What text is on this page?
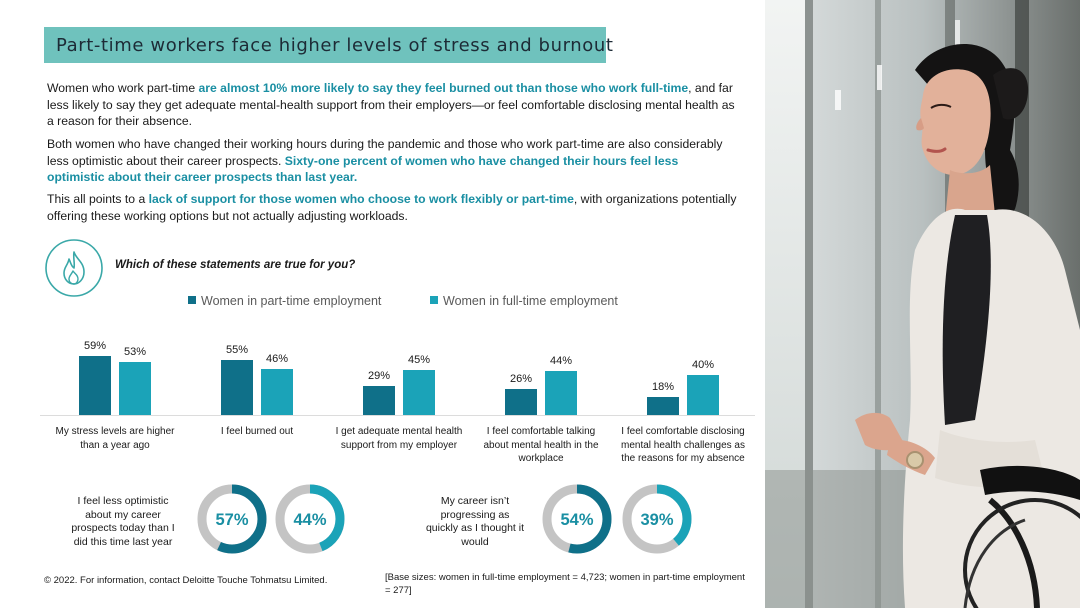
Part-time workers face higher levels of stress and burnout

Women who work part-time are almost 10% more likely to say they feel burned out than those who work full-time, and far less likely to say they get adequate mental-health support from their employers—or feel comfortable disclosing mental health as a reason for their absence.

Both women who have changed their working hours during the pandemic and those who work part-time are also considerably less optimistic about their career prospects. Sixty-one percent of women who have changed their hours feel less optimistic about their career prospects than last year.

This all points to a lack of support for those women who choose to work flexibly or part-time, with organizations potentially offering these working options but not actually adjusting workloads.

Which of these statements are true for you?
Women in part-time employment	Women in full-time employment
59% 53%	55%
46%
29%
45%
26%
44%
18%
40%
My stress levels are higher than a year ago
I feel burned out	I get adequate mental health support from my employer
I feel comfortable talking about mental health in the workplace
I feel comfortable disclosing mental health challenges as the reasons for my absence
I feel less optimistic about my career prospects today than I did this time last year
57%	44%
My career isn’t progressing as quickly as I thought it would
54%	39%
© 2022. For information, contact Deloitte Touche Tohmatsu Limited.	[Base sizes: women in full-time employment = 4,723; women in part-time employment = 277]
